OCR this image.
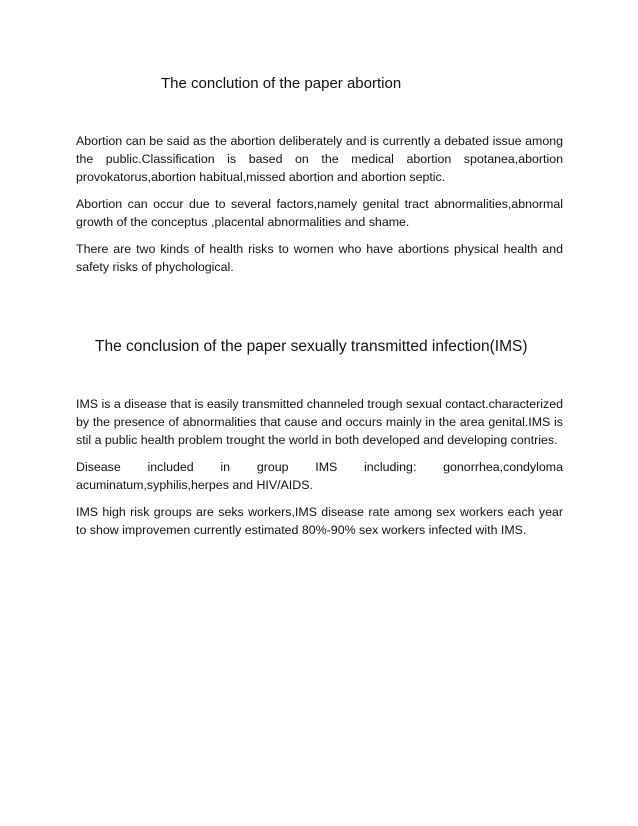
The conclution of the paper abortion

Abortion can be said as the abortion deliberately and is currently a debated issue among the public.Classification is based on the medical abortion spotanea,abortion provokatorus,abortion habitual,missed abortion and abortion septic.

Abortion can occur due to several factors,namely genital tract abnormalities,abnormal growth of the conceptus ,placental abnormalities and shame.

There are two kinds of health risks to women who have abortions physical health and safety risks of phychological.

The conclusion of the paper sexually transmitted infection(IMS)

IMS is a disease that is easily transmitted channeled trough sexual contact.characterized by the presence of abnormalities that cause and occurs mainly in the area genital.IMS is stil a public health problem trought the world in both developed and developing contries.

Disease included in group IMS including: gonorrhea,condyloma acuminatum,syphilis,herpes and HIV/AIDS.

IMS high risk groups are seks workers,IMS disease rate among sex workers each year to show improvemen currently estimated 80%-90% sex workers infected with IMS.
